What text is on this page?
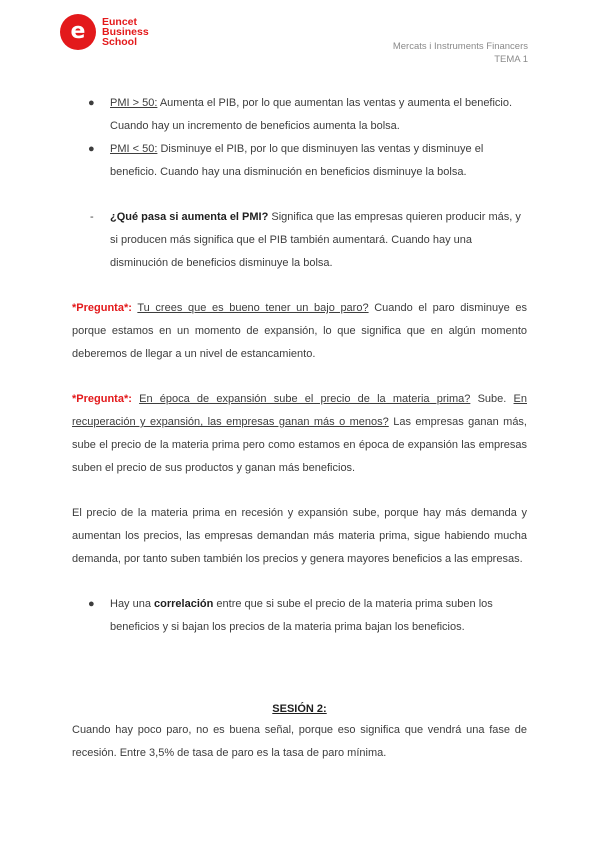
e	Euncet
Business
School	Mercats i Instruments Financers
TEMA 1
● PMI > 50: Aumenta el PIB, por lo que aumentan las ventas y aumenta el beneficio. Cuando hay un incremento de beneficios aumenta la bolsa.
● PMI < 50: Disminuye el PIB, por lo que disminuyen las ventas y disminuye el beneficio. Cuando hay una disminución en beneficios disminuye la bolsa.
- ¿Qué pasa si aumenta el PMI? Significa que las empresas quieren producir más, y si producen más significa que el PIB también aumentará. Cuando hay una disminución de beneficios disminuye la bolsa.
*Pregunta*: Tu crees que es bueno tener un bajo paro? Cuando el paro disminuye es porque estamos en un momento de expansión, lo que significa que en algún momento deberemos de llegar a un nivel de estancamiento.
*Pregunta*: En época de expansión sube el precio de la materia prima? Sube. En recuperación y expansión, las empresas ganan más o menos? Las empresas ganan más, sube el precio de la materia prima pero como estamos en época de expansión las empresas suben el precio de sus productos y ganan más beneficios.
El precio de la materia prima en recesión y expansión sube, porque hay más demanda y aumentan los precios, las empresas demandan más materia prima, sigue habiendo mucha demanda, por tanto suben también los precios y genera mayores beneficios a las empresas.
● Hay una correlación entre que si sube el precio de la materia prima suben los beneficios y si bajan los precios de la materia prima bajan los beneficios.
SESIÓN 2:
Cuando hay poco paro, no es buena señal, porque eso significa que vendrá una fase de recesión. Entre 3,5% de tasa de paro es la tasa de paro mínima.
